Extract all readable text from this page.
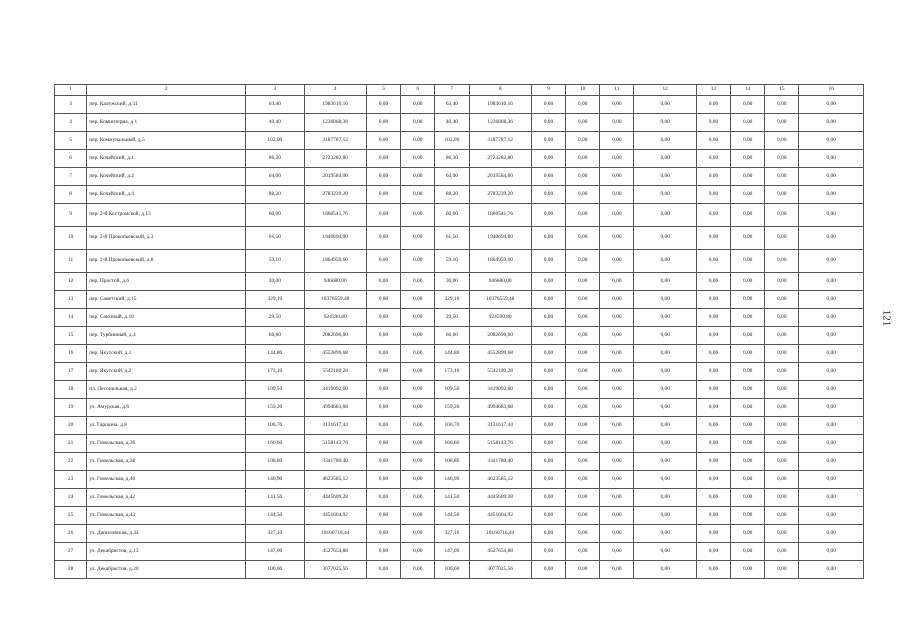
1	2	3	4	5	6	7	8	9	10	11	12	13	14	15	16
3	пер. Калужский, д.31	63,40	1983610,16	0,00	0,00	63,40	1983610,16	0,00	0,00	0,00	0,00	0,00	0,00	0,00	0,00
4	пер. Коминтерна, д.1	40,40	1236868,36	0,00	0,00	40,40	1236868,36	0,00	0,00	0,00	0,00	0,00	0,00	0,00	0,00
5	пер. Коммунальный, д.5	102,00	3187787,12	0,00	0,00	102,00	3187787,12	0,00	0,00	0,00	0,00	0,00	0,00	0,00	0,00
6	пер. Кочейский, д.1	86,30	2723282,80	0,00	0,00	86,30	2723282,80	0,00	0,00	0,00	0,00	0,00	0,00	0,00	0,00
7	пер. Кочейский, д.2	64,00	2019584,00	0,00	0,00	64,00	2019584,00	0,00	0,00	0,00	0,00	0,00	0,00	0,00	0,00
8	пер. Кочейский, д.4	88,20	2783239,20	0,00	0,00	88,20	2783239,20	0,00	0,00	0,00	0,00	0,00	0,00	0,00	0,00
9	пер. 2-й Костромской, д.13	60,00	1860541,76	0,00	0,00	60,00	1860541,76	0,00	0,00	0,00	0,00	0,00	0,00	0,00	0,00
10	пер. 2-й Прокопьевский, д.3	61,50	1940694,00	0,00	0,00	61,50	1940694,00	0,00	0,00	0,00	0,00	0,00	0,00	0,00	0,00
11	пер. 2-й Прокопьевский, д.8	59,10	1864959,60	0,00	0,00	59,10	1864959,60	0,00	0,00	0,00	0,00	0,00	0,00	0,00	0,00
12	пер. Простой, д.6	30,00	946680,00	0,00	0,00	30,00	946680,00	0,00	0,00	0,00	0,00	0,00	0,00	0,00	0,00
13	пер. Советский, д.15	329,10	10376559,48	0,00	0,00	329,10	10376559,48	0,00	0,00	0,00	0,00	0,00	0,00	0,00	0,00
14	пер. Союзный, д.10	29,50	924590,80	0,00	0,00	29,50	924590,80	0,00	0,00	0,00	0,00	0,00	0,00	0,00	0,00
15	пер. Турбинный, д.4	66,60	2082696,00	0,00	0,00	66,60	2082696,00	0,00	0,00	0,00	0,00	0,00	0,00	0,00	0,00
16	пер. Якутский, д.1	144,80	4552899,68	0,00	0,00	144,80	4552899,68	0,00	0,00	0,00	0,00	0,00	0,00	0,00	0,00
17	пер. Якутский, д.2	173,10	5542180,28	0,00	0,00	173,10	5542180,28	0,00	0,00	0,00	0,00	0,00	0,00	0,00	0,00
18	пл. Лесопильная, д.2	109,50	3419092,60	0,00	0,00	109,50	3419092,60	0,00	0,00	0,00	0,00	0,00	0,00	0,00	0,00
19	ул. Амурская, д.6	159,20	4994683,68	0,00	0,00	159,20	4994683,68	0,00	0,00	0,00	0,00	0,00	0,00	0,00	0,00
20	ул. Гаршина, д.8	100,70	3131617,44	0,00	0,00	100,70	3131617,44	0,00	0,00	0,00	0,00	0,00	0,00	0,00	0,00
21	ул. Гомельская, д.36	166,60	5158143,76	0,00	0,00	166,60	5158143,76	0,00	0,00	0,00	0,00	0,00	0,00	0,00	0,00
22	ул. Гомельская, д.38	108,80	3341780,40	0,00	0,00	108,80	3341780,40	0,00	0,00	0,00	0,00	0,00	0,00	0,00	0,00
23	ул. Гомельская, д.40	146,90	4623585,12	0,00	0,00	146,90	4623585,12	0,00	0,00	0,00	0,00	0,00	0,00	0,00	0,00
24	ул. Гомельская, д.42	141,50	4445609,28	0,00	0,00	141,50	4445609,28	0,00	0,00	0,00	0,00	0,00	0,00	0,00	0,00
25	ул. Гомельская, д.43	144,50	4451604,92	0,00	0,00	144,50	4451604,92	0,00	0,00	0,00	0,00	0,00	0,00	0,00	0,00
26	ул. Даниловская, д.34	327,10	10160716,44	0,00	0,00	327,10	10160716,44	0,00	0,00	0,00	0,00	0,00	0,00	0,00	0,00
27	ул. Декабристов, д.13	147,00	4527654,88	0,00	0,00	147,00	4527654,88	0,00	0,00	0,00	0,00	0,00	0,00	0,00	0,00
28	ул. Декабристов, д.20	100,60	3077025,56	0,00	0,00	100,60	3077025,56	0,00	0,00	0,00	0,00	0,00	0,00	0,00	0,00
121
